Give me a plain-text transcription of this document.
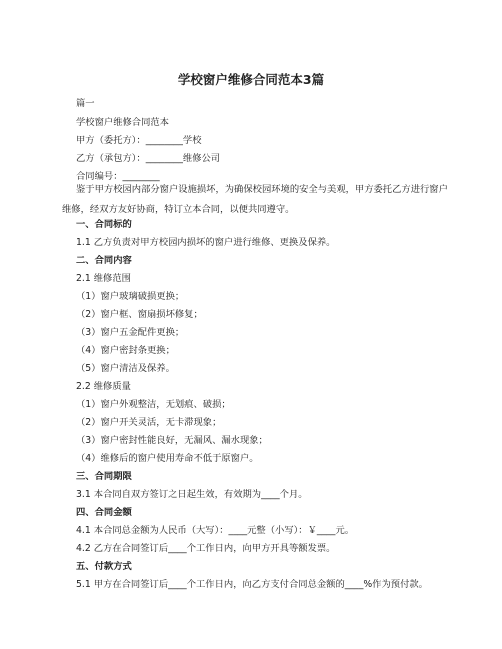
学校窗户维修合同范本3篇
篇一
学校窗户维修合同范本
甲方（委托方）：________学校
乙方（承包方）：________维修公司
合同编号：________
鉴于甲方校园内部分窗户设施损坏，为确保校园环境的安全与美观，甲方委托乙方进行窗户维修，经双方友好协商，特订立本合同，以便共同遵守。
一、合同标的
1.1 乙方负责对甲方校园内损坏的窗户进行维修、更换及保养。
二、合同内容
2.1 维修范围
（1）窗户玻璃破损更换；
（2）窗户框、窗扇损坏修复；
（3）窗户五金配件更换；
（4）窗户密封条更换；
（5）窗户清洁及保养。
2.2 维修质量
（1）窗户外观整洁，无划痕、破损；
（2）窗户开关灵活，无卡滞现象；
（3）窗户密封性能良好，无漏风、漏水现象；
（4）维修后的窗户使用寿命不低于原窗户。
三、合同期限
3.1 本合同自双方签订之日起生效，有效期为____个月。
四、合同金额
4.1 本合同总金额为人民币（大写）：____元整（小写）：￥____元。
4.2 乙方在合同签订后____个工作日内，向甲方开具等额发票。
五、付款方式
5.1 甲方在合同签订后____个工作日内，向乙方支付合同总金额的____%作为预付款。
